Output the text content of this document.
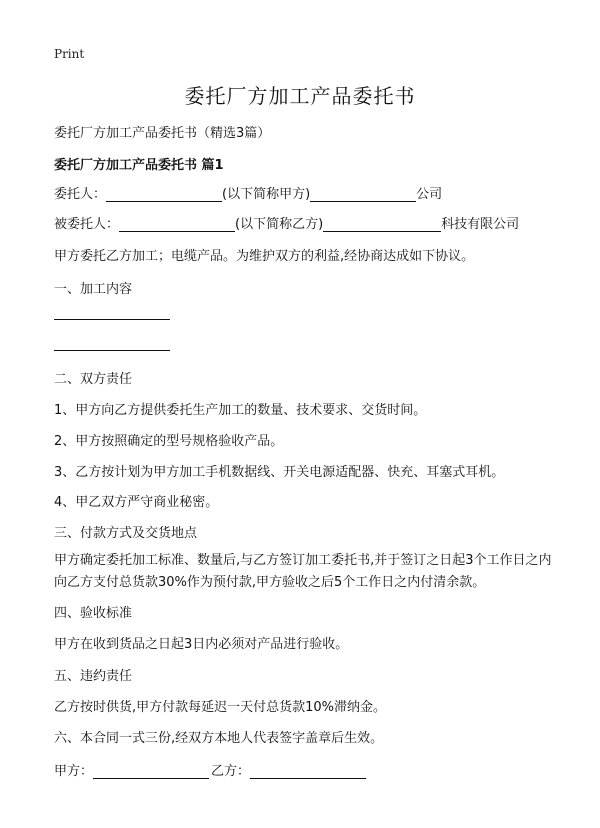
Print
委托厂方加工产品委托书
委托厂方加工产品委托书（精选3篇）
委托厂方加工产品委托书 篇1
委托人：	(以下简称甲方)	公司
被委托人：	(以下简称乙方)	科技有限公司
甲方委托乙方加工；电缆产品。为维护双方的利益,经协商达成如下协议。
一、加工内容
二、双方责任
1、甲方向乙方提供委托生产加工的数量、技术要求、交货时间。
2、甲方按照确定的型号规格验收产品。
3、乙方按计划为甲方加工手机数据线、开关电源适配器、快充、耳塞式耳机。
4、甲乙双方严守商业秘密。
三、付款方式及交货地点
甲方确定委托加工标准、数量后,与乙方签订加工委托书,并于签订之日起3个工作日之内向乙方支付总货款30%作为预付款,甲方验收之后5个工作日之内付清余款。
四、验收标准
甲方在收到货品之日起3日内必须对产品进行验收。
五、违约责任
乙方按时供货,甲方付款每延迟一天付总货款10%滞纳金。
六、本合同一式三份,经双方本地人代表签字盖章后生效。
甲方：	乙方：
